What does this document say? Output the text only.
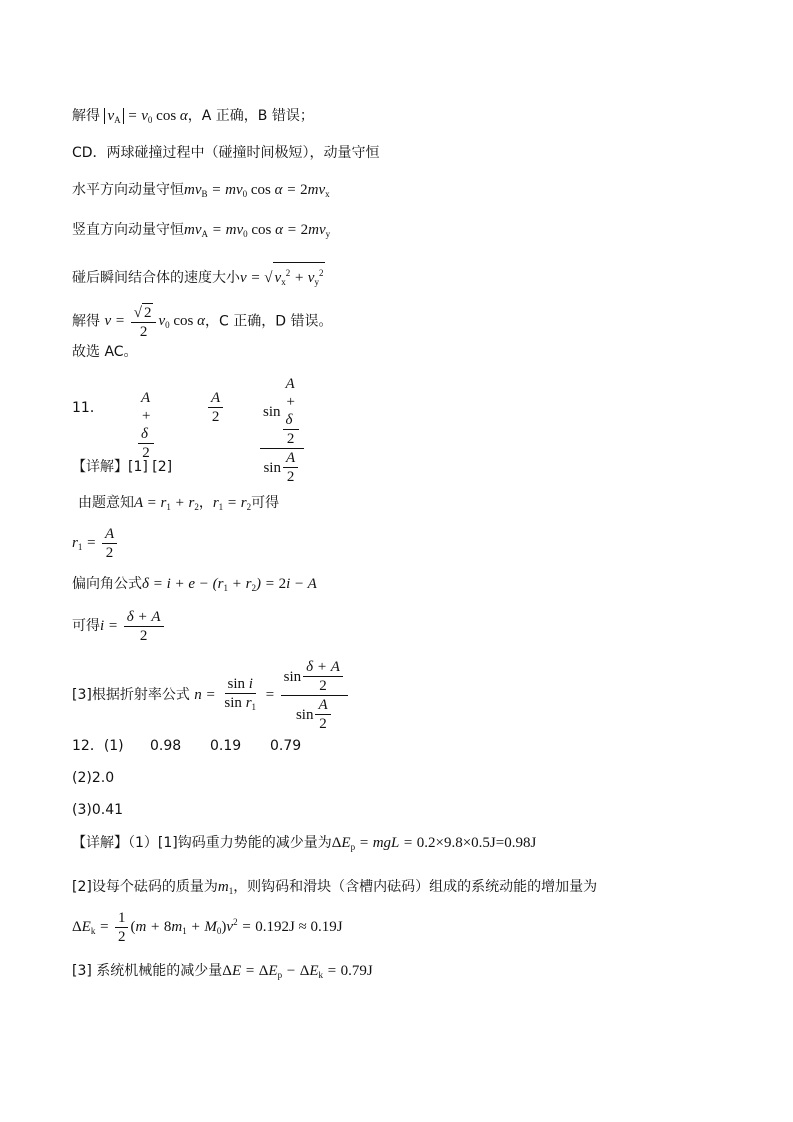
解得 $v_A = v_0$ cos α，A 正确，B 错误；
CD．两球碰撞过程中（碰撞时间极短），动量守恒
水平方向动量守恒$mv_B = mv_0$ $\cos \alpha = 2mv_x$
竖直方向动量守恒$mv_A = mv_0$ $\cos \alpha = 2mv_y$
碰后瞬间结合体的速度大小v = √ $v_x^2 + v_y^2$
解得 $v = \frac{√ 2}{2} v_0$ cos α，C 正确，D 错误。
故选 AC。
11． $\frac{A + \delta}{2}$	$\frac{A}{2} \frac{\sin \frac{A + \delta}{2}}{\sin \frac{A}{2}}$
【详解】[1] [2]
由题意知$A = r_1 + r_2$，$r_1 = r_2$可得
$r_1 = \frac{A}{2}$
偏向角公式$\delta = i + e - (r_1 + r_2) = 2i - A$
可得$i = \frac{\delta + A}{2}$
[3]根据折射率公式 $n = \frac{\text{sin i}}{\sin r_1} = \frac{\sin \frac{\delta + A}{2}}{\sin \frac{A}{2}}$
12．(1) 0.98 0.19 0.79
(2)2.0
(3)0.41
【详解】（1）[1]钩码重力势能的减少量为$\Delta E_p$ = mgL = 0.2×9.8×0.5J=0.98J
[2]设每个砝码的质量为$m_1$，则钩码和滑块（含槽内砝码）组成的系统动能的增加量为
$\Delta E_k = \frac{1}{2} (m + 8m_1 + M_0)v^2 = 0.192J \approx 0.19J$
[3] 系统机械能的减少量$\Delta E = \Delta E_p - \Delta E_k = 0.79J$
